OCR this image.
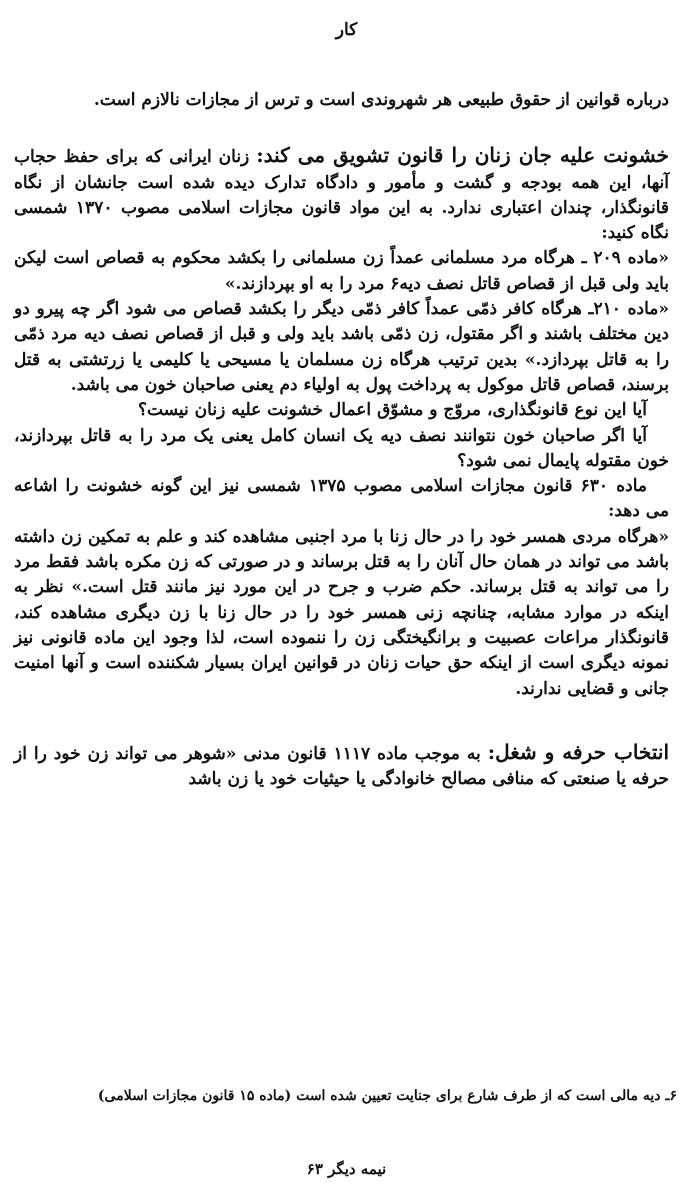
کار

درباره قوانین از حقوق طبیعی هر شهروندی است و ترس از مجازات نالازم است.

خشونت علیه جان زنان را قانون تشویق می کند: زنان ایرانی که برای حفظ حجاب آنها، این همه بودجه و گشت و مأمور و دادگاه تدارک دیده شده است جانشان از نگاه قانونگذار، چندان اعتباری ندارد. به این مواد قانون مجازات اسلامی مصوب ۱۳۷۰ شمسی نگاه کنید:

«ماده ۲۰۹ ـ هرگاه مرد مسلمانی عمداً زن مسلمانی را بکشد محکوم به قصاص است لیکن باید ولی قبل از قصاص قاتل نصف دیه۶ مرد را به او بپردازند.»

«ماده ۲۱۰ـ هرگاه کافر ذمّی عمداً کافر ذمّی دیگر را بکشد قصاص می شود اگر چه پیرو دو دین مختلف باشند و اگر مقتول، زن ذمّی باشد باید ولی و قبل از قصاص نصف دیه مرد ذمّی را به قاتل بپردازد.» بدین ترتیب هرگاه زن مسلمان یا مسیحی یا کلیمی یا زرتشتی به قتل برسند، قصاص قاتل موکول به پرداخت پول به اولیاء دم یعنی صاحبان خون می باشد.

آیا این نوع قانونگذاری، مروّج و مشوّق اعمال خشونت علیه زنان نیست؟

آیا اگر صاحبان خون نتوانند نصف دیه یک انسان کامل یعنی یک مرد را به قاتل بپردازند، خون مقتوله پایمال نمی شود؟

ماده ۶۳۰ قانون مجازات اسلامی مصوب ۱۳۷۵ شمسی نیز این گونه خشونت را اشاعه می دهد:

«هرگاه مردی همسر خود را در حال زنا با مرد اجنبی مشاهده کند و علم به تمکین زن داشته باشد می تواند در همان حال آنان را به قتل برساند و در صورتی که زن مکره باشد فقط مرد را می تواند به قتل برساند. حکم ضرب و جرح در این مورد نیز مانند قتل است.» نظر به اینکه در موارد مشابه، چنانچه زنی همسر خود را در حال زنا با زن دیگری مشاهده کند، قانونگذار مراعات عصبیت و برانگیختگی زن را ننموده است، لذا وجود این ماده قانونی نیز نمونه دیگری است از اینکه حق حیات زنان در قوانین ایران بسیار شکننده است و آنها امنیت جانی و قضایی ندارند.

انتخاب حرفه و شغل: به موجب ماده ۱۱۱۷ قانون مدنی «شوهر می تواند زن خود را از حرفه یا صنعتی که منافی مصالح خانوادگی یا حیثیات خود یا زن باشد

۶ـ دیه مالی است که از طرف شارع برای جنایت تعیین شده است (ماده ۱۵ قانون مجازات اسلامی)
نیمه دیگر ۶۳
